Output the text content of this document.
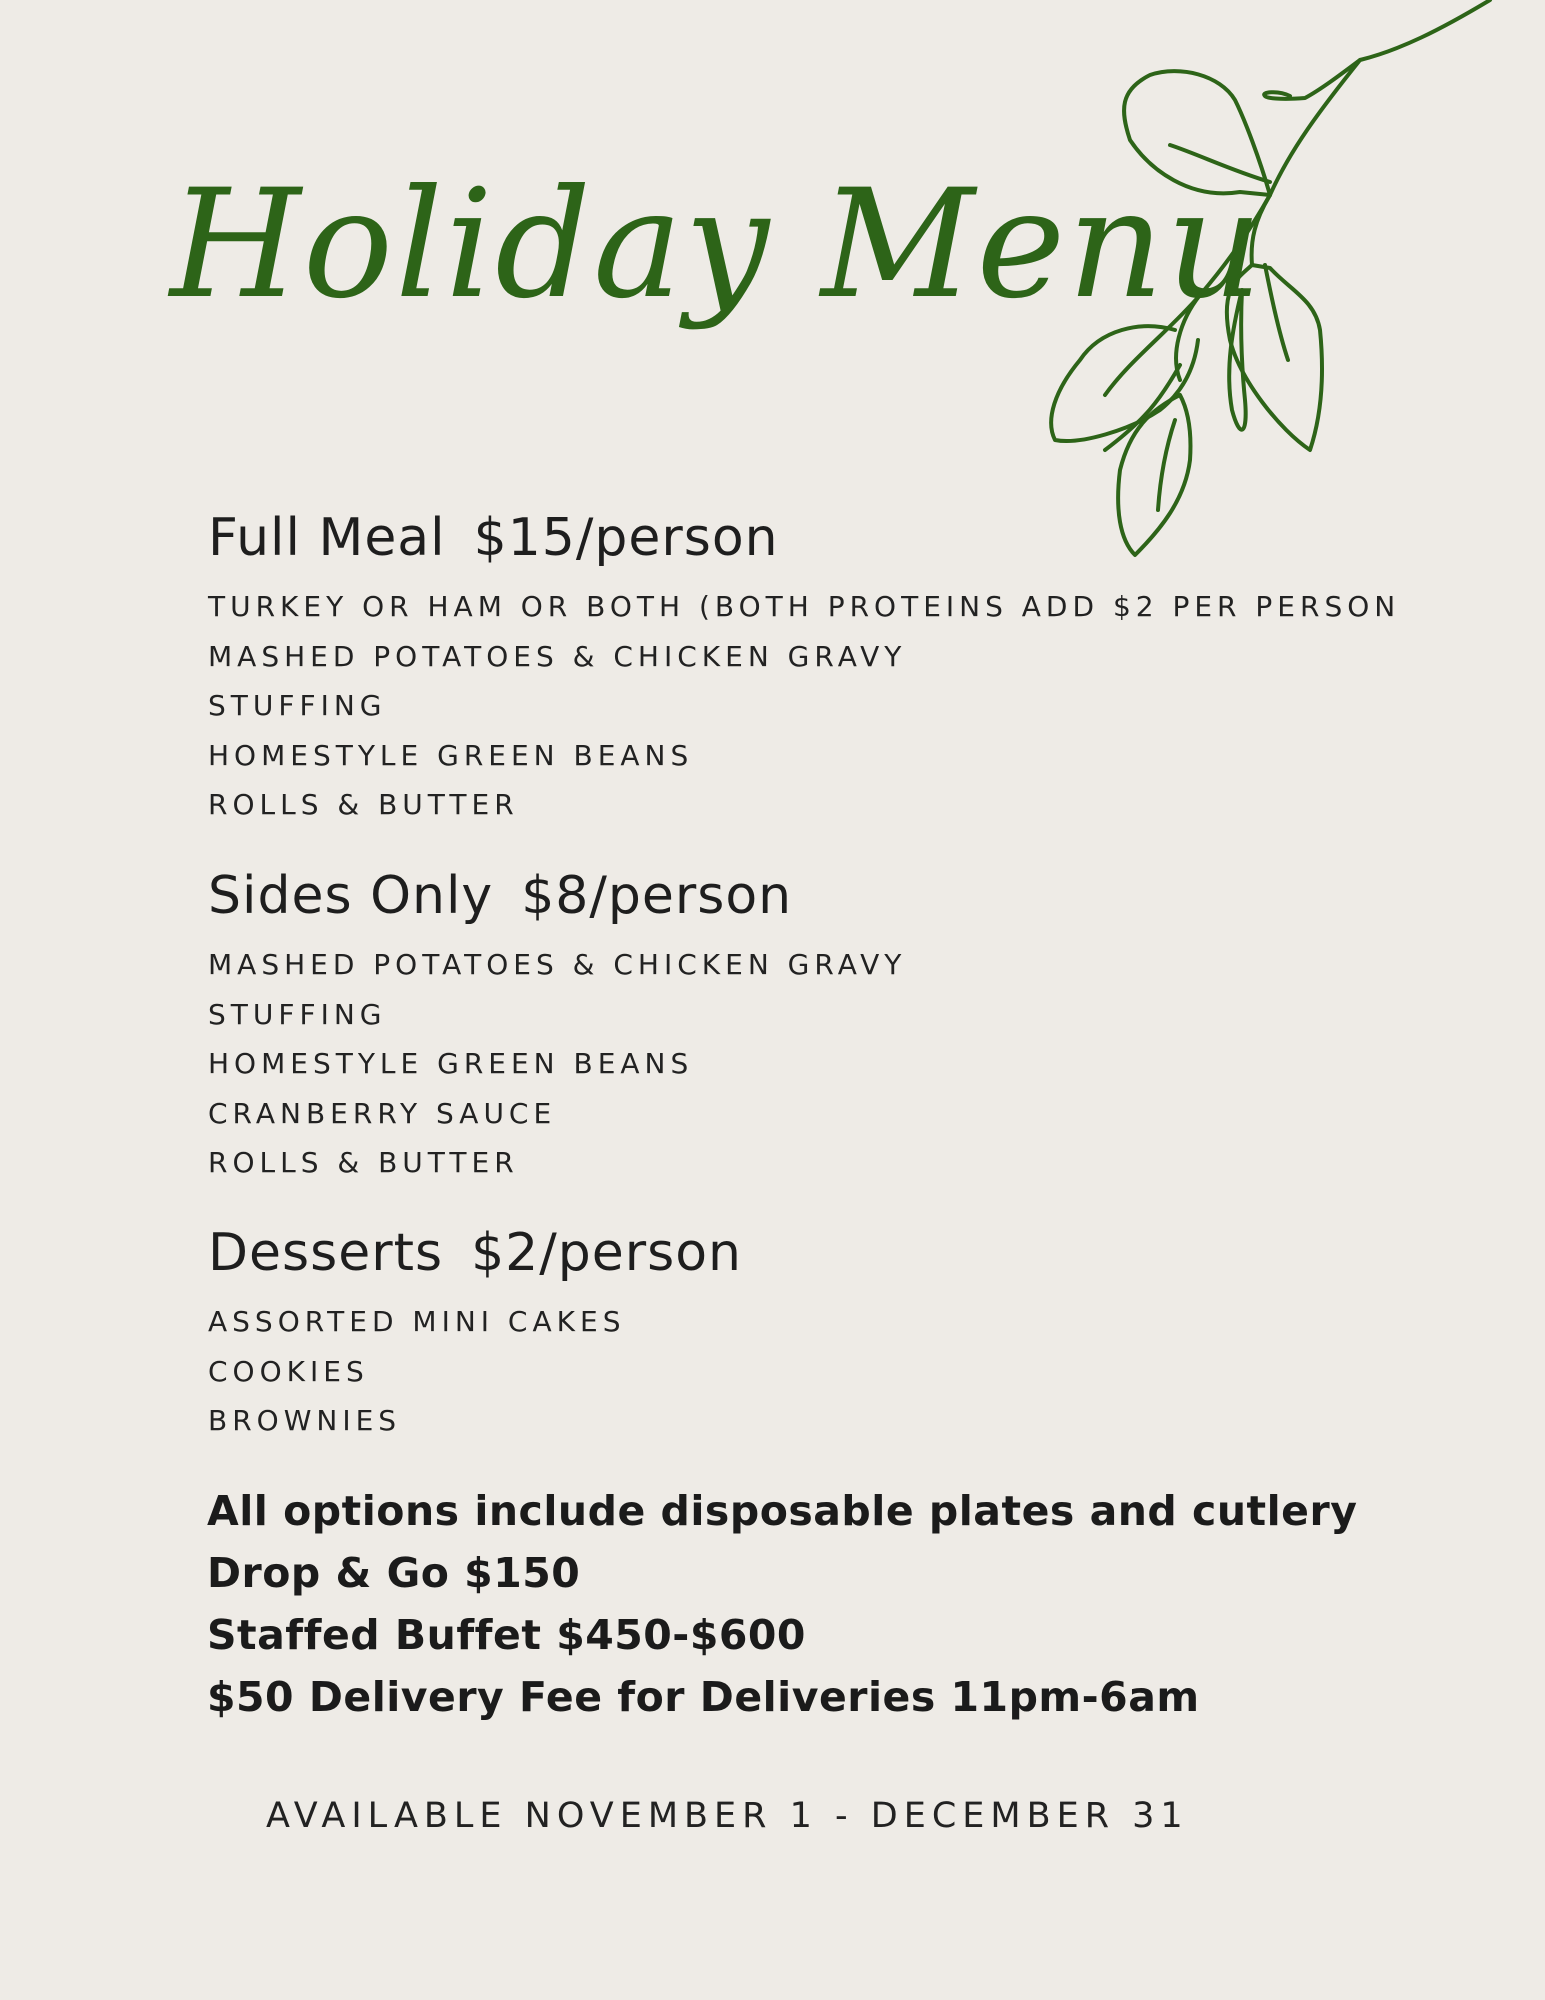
Holiday Menu
Full Meal $15/person
TURKEY OR HAM OR BOTH (BOTH PROTEINS ADD $2 PER PERSON
MASHED POTATOES & CHICKEN GRAVY
STUFFING
HOMESTYLE GREEN BEANS
ROLLS & BUTTER
Sides Only $8/person
MASHED POTATOES & CHICKEN GRAVY
STUFFING
HOMESTYLE GREEN BEANS
CRANBERRY SAUCE
ROLLS & BUTTER
Desserts $2/person
ASSORTED MINI CAKES
COOKIES
BROWNIES
All options include disposable plates and cutlery
Drop & Go $150
Staffed Buffet $450-$600
$50 Delivery Fee for Deliveries 11pm-6am
AVAILABLE NOVEMBER 1 - DECEMBER 31
